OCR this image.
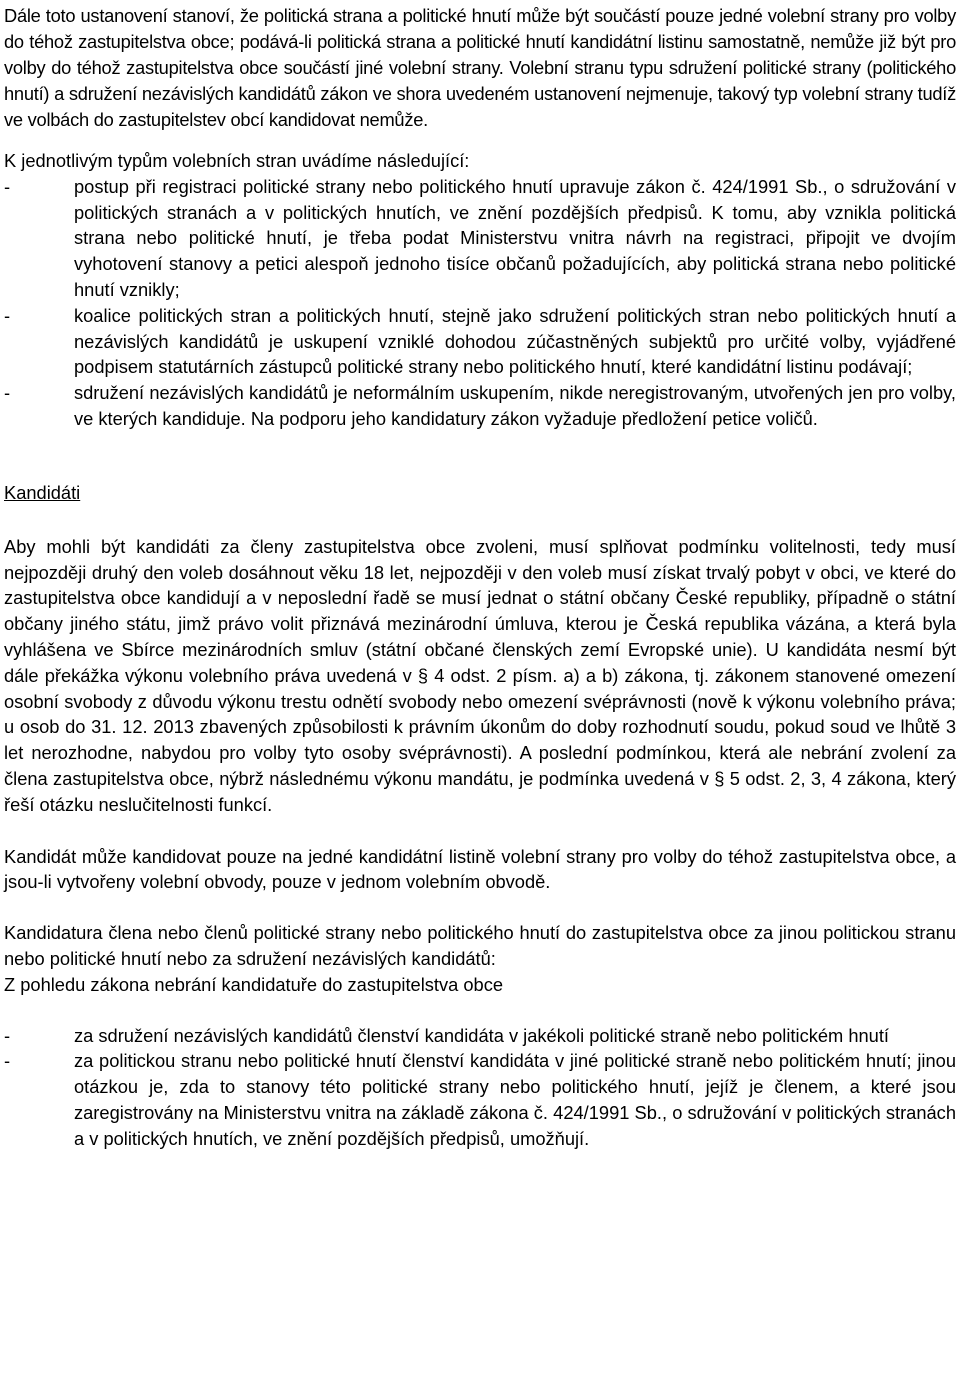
Dále toto ustanovení stanoví, že politická strana a politické hnutí může být součástí pouze jedné volební strany pro volby do téhož zastupitelstva obce; podává-li politická strana a politické hnutí kandidátní listinu samostatně, nemůže již být pro volby do téhož zastupitelstva obce součástí jiné volební strany. Volební stranu typu sdružení politické strany (politického hnutí) a sdružení nezávislých kandidátů zákon ve shora uvedeném ustanovení nejmenuje, takový typ volební strany tudíž ve volbách do zastupitelstev obcí kandidovat nemůže.

K jednotlivým typům volebních stran uvádíme následující:

-	postup při registraci politické strany nebo politického hnutí upravuje zákon č. 424/1991 Sb., o sdružování v politických stranách a v politických hnutích, ve znění pozdějších předpisů. K tomu, aby vznikla politická strana nebo politické hnutí, je třeba podat Ministerstvu vnitra návrh na registraci, připojit ve dvojím vyhotovení stanovy a petici alespoň jednoho tisíce občanů požadujících, aby politická strana nebo politické hnutí vznikly;
-	koalice politických stran a politických hnutí, stejně jako sdružení politických stran nebo politických hnutí a nezávislých kandidátů je uskupení vzniklé dohodou zúčastněných subjektů pro určité volby, vyjádřené podpisem statutárních zástupců politické strany nebo politického hnutí, které kandidátní listinu podávají;
-	sdružení nezávislých kandidátů je neformálním uskupením, nikde neregistrovaným, utvořených jen pro volby, ve kterých kandiduje. Na podporu jeho kandidatury zákon vyžaduje předložení petice voličů.

Kandidáti

Aby mohli být kandidáti za členy zastupitelstva obce zvoleni, musí splňovat podmínku volitelnosti, tedy musí nejpozději druhý den voleb dosáhnout věku 18 let, nejpozději v den voleb musí získat trvalý pobyt v obci, ve které do zastupitelstva obce kandidují a v neposlední řadě se musí jednat o státní občany České republiky, případně o státní občany jiného státu, jimž právo volit přiznává mezinárodní úmluva, kterou je Česká republika vázána, a která byla vyhlášena ve Sbírce mezinárodních smluv (státní občané členských zemí Evropské unie). U kandidáta nesmí být dále překážka výkonu volebního práva uvedená v § 4 odst. 2 písm. a) a b) zákona, tj. zákonem stanovené omezení osobní svobody z důvodu výkonu trestu odnětí svobody nebo omezení svéprávnosti (nově k výkonu volebního práva; u osob do 31. 12. 2013 zbavených způsobilosti k právním úkonům do doby rozhodnutí soudu, pokud soud ve lhůtě 3 let nerozhodne, nabydou pro volby tyto osoby svéprávnosti). A poslední podmínkou, která ale nebrání zvolení za člena zastupitelstva obce, nýbrž následnému výkonu mandátu, je podmínka uvedená v § 5 odst. 2, 3, 4 zákona, který řeší otázku neslučitelnosti funkcí.

Kandidát může kandidovat pouze na jedné kandidátní listině volební strany pro volby do téhož zastupitelstva obce, a jsou-li vytvořeny volební obvody, pouze v jednom volebním obvodě.

Kandidatura člena nebo členů politické strany nebo politického hnutí do zastupitelstva obce za jinou politickou stranu nebo politické hnutí nebo za sdružení nezávislých kandidátů:

Z pohledu zákona nebrání kandidatuře do zastupitelstva obce

-	za sdružení nezávislých kandidátů členství kandidáta v jakékoli politické straně nebo politickém hnutí
-	za politickou stranu nebo politické hnutí členství kandidáta v jiné politické straně nebo politickém hnutí; jinou otázkou je, zda to stanovy této politické strany nebo politického hnutí, jejíž je členem, a které jsou zaregistrovány na Ministerstvu vnitra na základě zákona č. 424/1991 Sb., o sdružování v politických stranách a v politických hnutích, ve znění pozdějších předpisů, umožňují.
